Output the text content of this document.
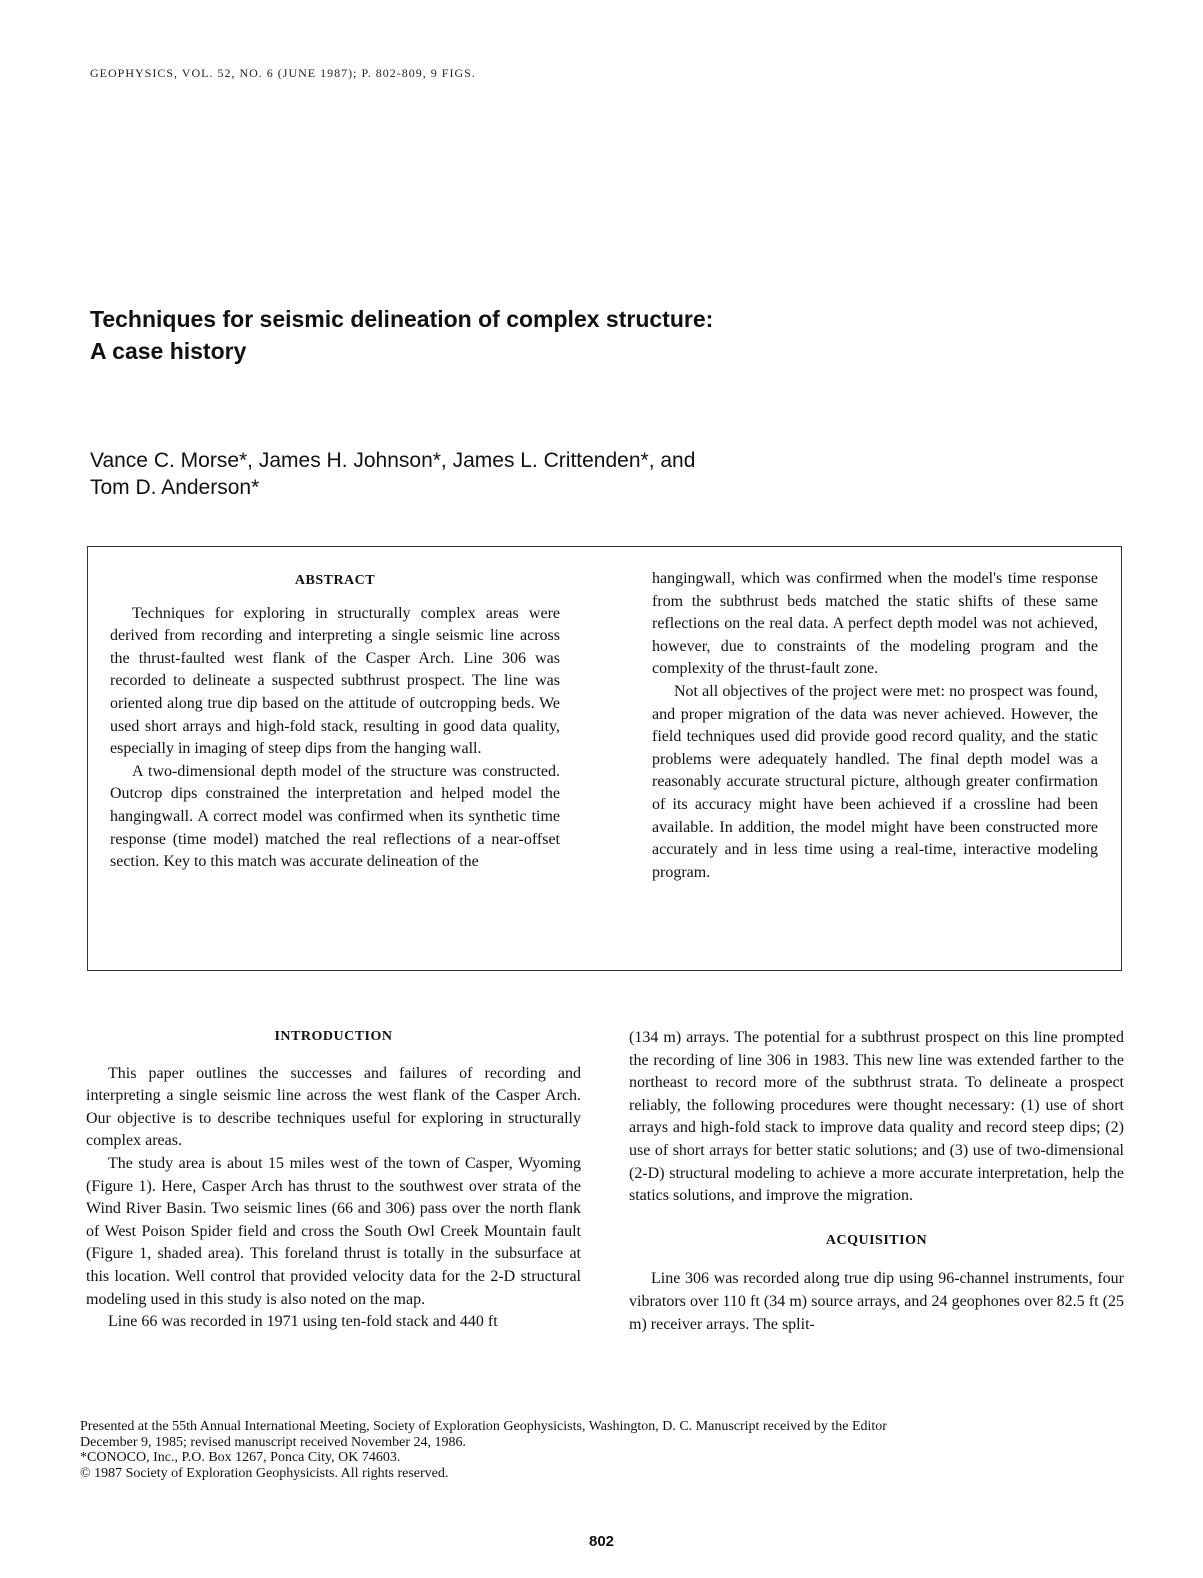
GEOPHYSICS, VOL. 52, NO. 6 (JUNE 1987); P. 802-809, 9 FIGS.
Techniques for seismic delineation of complex structure:
A case history
Vance C. Morse*, James H. Johnson*, James L. Crittenden*, and
Tom D. Anderson*
ABSTRACT

Techniques for exploring in structurally complex areas were derived from recording and interpreting a single seismic line across the thrust-faulted west flank of the Casper Arch. Line 306 was recorded to delineate a suspected subthrust prospect. The line was oriented along true dip based on the attitude of outcropping beds. We used short arrays and high-fold stack, resulting in good data quality, especially in imaging of steep dips from the hanging wall.

A two-dimensional depth model of the structure was constructed. Outcrop dips constrained the interpretation and helped model the hangingwall. A correct model was confirmed when its synthetic time response (time model) matched the real reflections of a near-offset section. Key to this match was accurate delineation of the

hangingwall, which was confirmed when the model's time response from the subthrust beds matched the static shifts of these same reflections on the real data. A perfect depth model was not achieved, however, due to constraints of the modeling program and the complexity of the thrust-fault zone.

Not all objectives of the project were met: no prospect was found, and proper migration of the data was never achieved. However, the field techniques used did provide good record quality, and the static problems were adequately handled. The final depth model was a reasonably accurate structural picture, although greater confirmation of its accuracy might have been achieved if a crossline had been available. In addition, the model might have been constructed more accurately and in less time using a real-time, interactive modeling program.

INTRODUCTION

This paper outlines the successes and failures of recording and interpreting a single seismic line across the west flank of the Casper Arch. Our objective is to describe techniques useful for exploring in structurally complex areas.

The study area is about 15 miles west of the town of Casper, Wyoming (Figure 1). Here, Casper Arch has thrust to the southwest over strata of the Wind River Basin. Two seismic lines (66 and 306) pass over the north flank of West Poison Spider field and cross the South Owl Creek Mountain fault (Figure 1, shaded area). This foreland thrust is totally in the subsurface at this location. Well control that provided velocity data for the 2-D structural modeling used in this study is also noted on the map.

Line 66 was recorded in 1971 using ten-fold stack and 440 ft

(134 m) arrays. The potential for a subthrust prospect on this line prompted the recording of line 306 in 1983. This new line was extended farther to the northeast to record more of the subthrust strata. To delineate a prospect reliably, the following procedures were thought necessary: (1) use of short arrays and high-fold stack to improve data quality and record steep dips; (2) use of short arrays for better static solutions; and (3) use of two-dimensional (2-D) structural modeling to achieve a more accurate interpretation, help the statics solutions, and improve the migration.

ACQUISITION

Line 306 was recorded along true dip using 96-channel instruments, four vibrators over 110 ft (34 m) source arrays, and 24 geophones over 82.5 ft (25 m) receiver arrays. The split-

Presented at the 55th Annual International Meeting, Society of Exploration Geophysicists, Washington, D. C. Manuscript received by the Editor
December 9, 1985; revised manuscript received November 24, 1986.
*CONOCO, Inc., P.O. Box 1267, Ponca City, OK 74603.
© 1987 Society of Exploration Geophysicists. All rights reserved.
802
